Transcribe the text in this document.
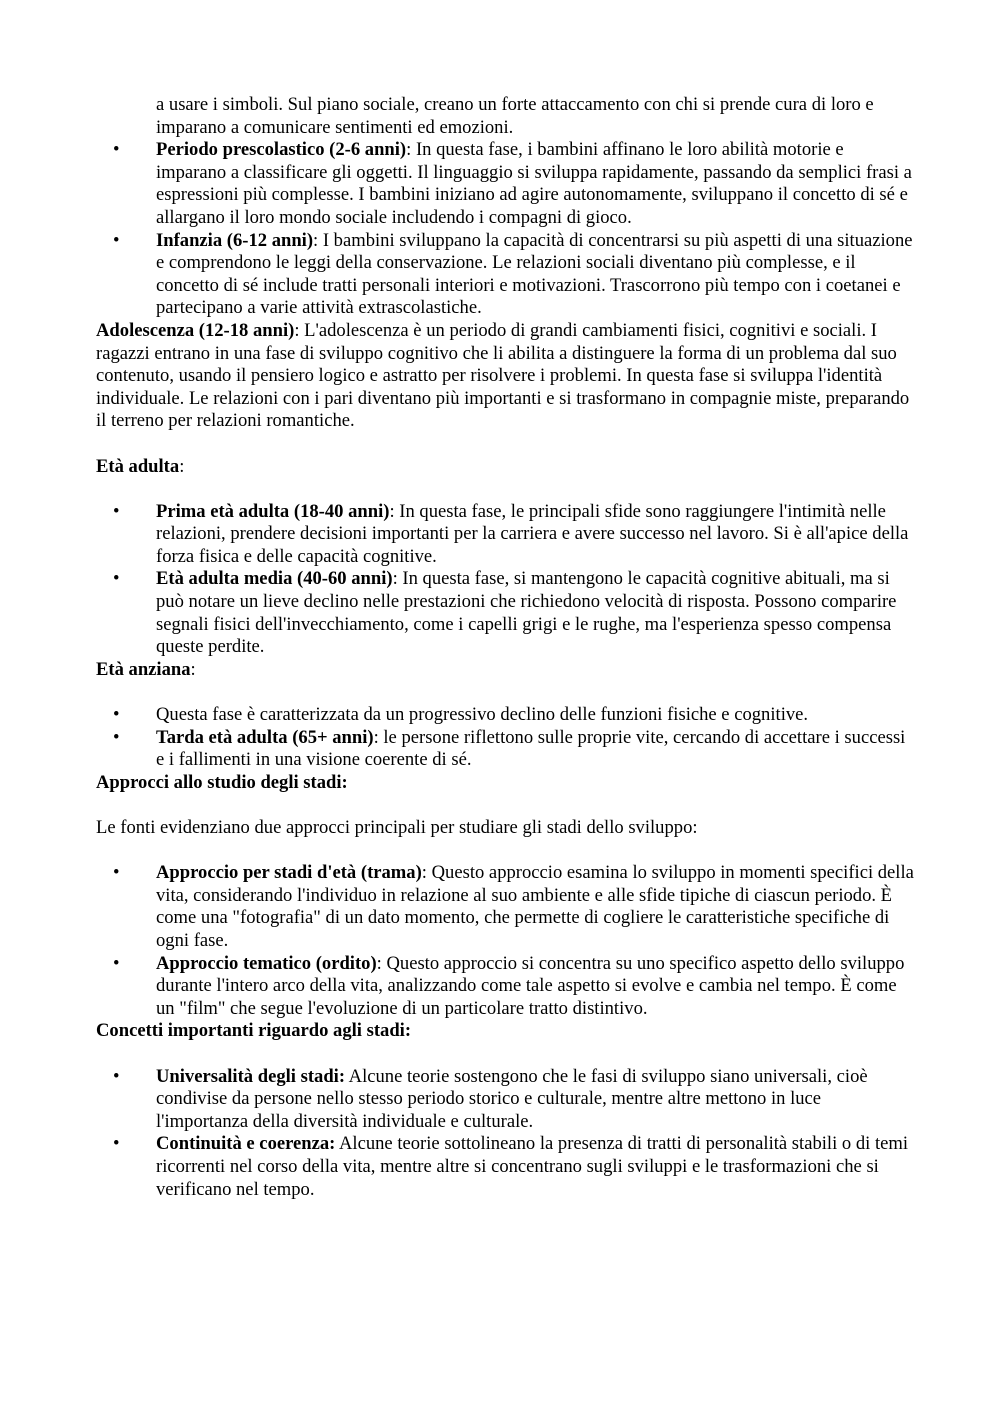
a usare i simboli. Sul piano sociale, creano un forte attaccamento con chi si prende cura di loro e imparano a comunicare sentimenti ed emozioni.

• Periodo prescolastico (2-6 anni): In questa fase, i bambini affinano le loro abilità motorie e imparano a classificare gli oggetti. Il linguaggio si sviluppa rapidamente, passando da semplici frasi a espressioni più complesse. I bambini iniziano ad agire autonomamente, sviluppano il concetto di sé e allargano il loro mondo sociale includendo i compagni di gioco.
• Infanzia (6-12 anni): I bambini sviluppano la capacità di concentrarsi su più aspetti di una situazione e comprendono le leggi della conservazione. Le relazioni sociali diventano più complesse, e il concetto di sé include tratti personali interiori e motivazioni. Trascorrono più tempo con i coetanei e partecipano a varie attività extrascolastiche.

Adolescenza (12-18 anni): L'adolescenza è un periodo di grandi cambiamenti fisici, cognitivi e sociali. I ragazzi entrano in una fase di sviluppo cognitivo che li abilita a distinguere la forma di un problema dal suo contenuto, usando il pensiero logico e astratto per risolvere i problemi. In questa fase si sviluppa l'identità individuale. Le relazioni con i pari diventano più importanti e si trasformano in compagnie miste, preparando il terreno per relazioni romantiche.

Età adulta:

• Prima età adulta (18-40 anni): In questa fase, le principali sfide sono raggiungere l'intimità nelle relazioni, prendere decisioni importanti per la carriera e avere successo nel lavoro. Si è all'apice della forza fisica e delle capacità cognitive.
• Età adulta media (40-60 anni): In questa fase, si mantengono le capacità cognitive abituali, ma si può notare un lieve declino nelle prestazioni che richiedono velocità di risposta. Possono comparire segnali fisici dell'invecchiamento, come i capelli grigi e le rughe, ma l'esperienza spesso compensa queste perdite.

Età anziana:

• Questa fase è caratterizzata da un progressivo declino delle funzioni fisiche e cognitive.
• Tarda età adulta (65+ anni): le persone riflettono sulle proprie vite, cercando di accettare i successi e i fallimenti in una visione coerente di sé.

Approcci allo studio degli stadi:

Le fonti evidenziano due approcci principali per studiare gli stadi dello sviluppo:

• Approccio per stadi d'età (trama): Questo approccio esamina lo sviluppo in momenti specifici della vita, considerando l'individuo in relazione al suo ambiente e alle sfide tipiche di ciascun periodo. È come una "fotografia" di un dato momento, che permette di cogliere le caratteristiche specifiche di ogni fase.
• Approccio tematico (ordito): Questo approccio si concentra su uno specifico aspetto dello sviluppo durante l'intero arco della vita, analizzando come tale aspetto si evolve e cambia nel tempo. È come un "film" che segue l'evoluzione di un particolare tratto distintivo.

Concetti importanti riguardo agli stadi:

• Universalità degli stadi: Alcune teorie sostengono che le fasi di sviluppo siano universali, cioè condivise da persone nello stesso periodo storico e culturale, mentre altre mettono in luce l'importanza della diversità individuale e culturale.
• Continuità e coerenza: Alcune teorie sottolineano la presenza di tratti di personalità stabili o di temi ricorrenti nel corso della vita, mentre altre si concentrano sugli sviluppi e le trasformazioni che si verificano nel tempo.
